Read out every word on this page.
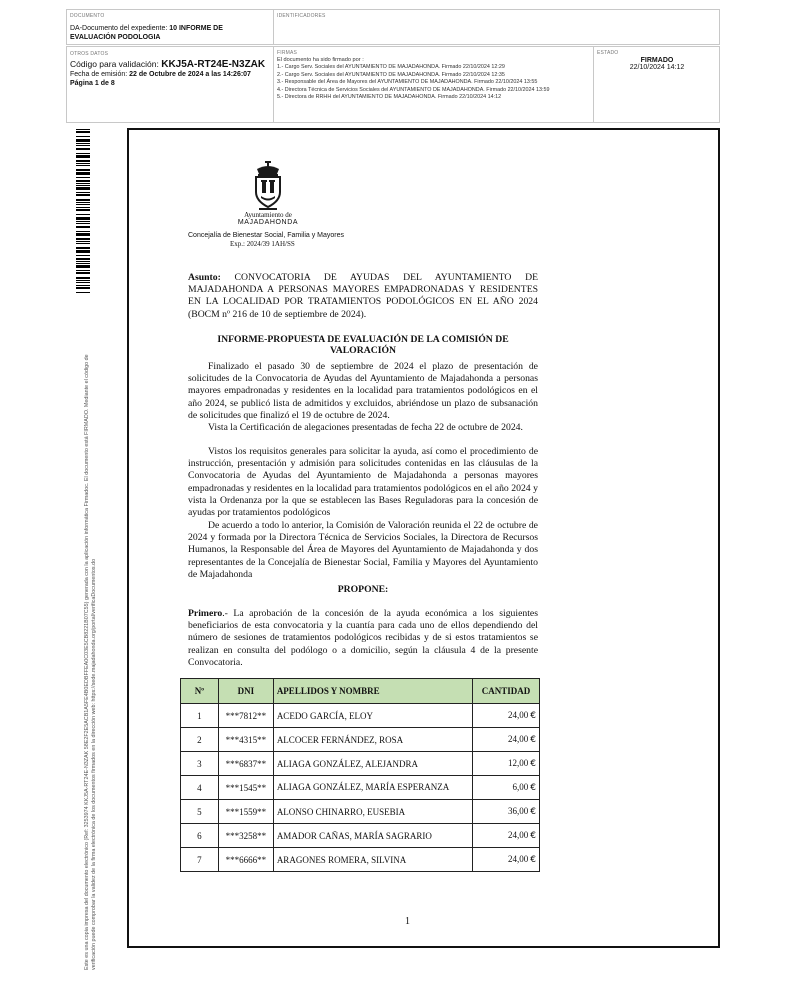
DOCUMENTO
DA-Documento del expediente: 10 INFORME DE EVALUACIÓN PODOLOGIA
IDENTIFICADORES
OTROS DATOS
Código para validación: KKJ5A-RT24E-N3ZAK
Fecha de emisión: 22 de Octubre de 2024 a las 14:26:07
Página 1 de 8
FIRMAS
El documento ha sido firmado por :
1.- Cargo Serv. Sociales del AYUNTAMIENTO DE MAJADAHONDA. Firmado 22/10/2024 12:29
2.- Cargo Serv. Sociales del AYUNTAMIENTO DE MAJADAHONDA. Firmado 22/10/2024 12:35
3.- Responsable del Área de Mayores del AYUNTAMIENTO DE MAJADAHONDA. Firmado 22/10/2024 13:55
4.- Directora Técnica de Servicios Sociales del AYUNTAMIENTO DE MAJADAHONDA. Firmado 22/10/2024 13:59
5.- Directora de RRHH del AYUNTAMIENTO DE MAJADAHONDA. Firmado 22/10/2024 14:12
ESTADO
FIRMADO
22/10/2024 14:12
Este es una copia impresa del documento electrónico (Ref: 3253974 KKJ5A-RT24E-N3ZAK 58E2F2E5ACB1A5FE4B0EDBFFEA0C03E5CB8221B07C55) generada con la aplicación informática Firmadoc. El documento está FIRMADO. Mediante el código de verificación puede comprobar la validez de la firma electrónica de los documentos firmados en la dirección web: https://sede.majadahonda.org/portal/verificaDocumentos.do
Ayuntamiento de
MAJADAHONDA
Concejalía de Bienestar Social, Familia y Mayores
Exp.: 2024/39 1AH/SS
Asunto: CONVOCATORIA DE AYUDAS DEL AYUNTAMIENTO DE MAJADAHONDA A PERSONAS MAYORES EMPADRONADAS Y RESIDENTES EN LA LOCALIDAD POR TRATAMIENTOS PODOLÓGICOS EN EL AÑO 2024 (BOCM nº 216 de 10 de septiembre de 2024).
INFORME-PROPUESTA DE EVALUACIÓN DE LA COMISIÓN DE VALORACIÓN
Finalizado el pasado 30 de septiembre de 2024 el plazo de presentación de solicitudes de la Convocatoria de Ayudas del Ayuntamiento de Majadahonda a personas mayores empadronadas y residentes en la localidad para tratamientos podológicos en el año 2024, se publicó lista de admitidos y excluidos, abriéndose un plazo de subsanación de solicitudes que finalizó el 19 de octubre de 2024.
Vista la Certificación de alegaciones presentadas de fecha 22 de octubre de 2024.
Vistos los requisitos generales para solicitar la ayuda, así como el procedimiento de instrucción, presentación y admisión para solicitudes contenidas en las cláusulas de la Convocatoria de Ayudas del Ayuntamiento de Majadahonda a personas mayores empadronadas y residentes en la localidad para tratamientos podológicos en el año 2024 y vista la Ordenanza por la que se establecen las Bases Reguladoras para la concesión de ayudas por tratamientos podológicos
De acuerdo a todo lo anterior, la Comisión de Valoración reunida el 22 de octubre de 2024 y formada por la Directora Técnica de Servicios Sociales, la Directora de Recursos Humanos, la Responsable del Área de Mayores del Ayuntamiento de Majadahonda y dos representantes de la Concejalía de Bienestar Social, Familia y Mayores del Ayuntamiento de Majadahonda
PROPONE:
Primero.- La aprobación de la concesión de la ayuda económica a los siguientes beneficiarios de esta convocatoria y la cuantía para cada uno de ellos dependiendo del número de sesiones de tratamientos podológicos recibidas y de si estos tratamientos se realizan en consulta del podólogo o a domicilio, según la cláusula 4 de la presente Convocatoria.
Nº	DNI	APELLIDOS Y NOMBRE	CANTIDAD
1	***7812**	ACEDO GARCÍA, ELOY	24,00 €
2	***4315**	ALCOCER FERNÁNDEZ, ROSA	24,00 €
3	***6837**	ALIAGA GONZÁLEZ, ALEJANDRA	12,00 €
4	***1545**	ALIAGA GONZÁLEZ, MARÍA ESPERANZA	6,00 €
5	***1559**	ALONSO CHINARRO, EUSEBIA	36,00 €
6	***3258**	AMADOR CAÑAS, MARÍA SAGRARIO	24,00 €
7	***6666**	ARAGONES ROMERA, SILVINA	24,00 €
1
